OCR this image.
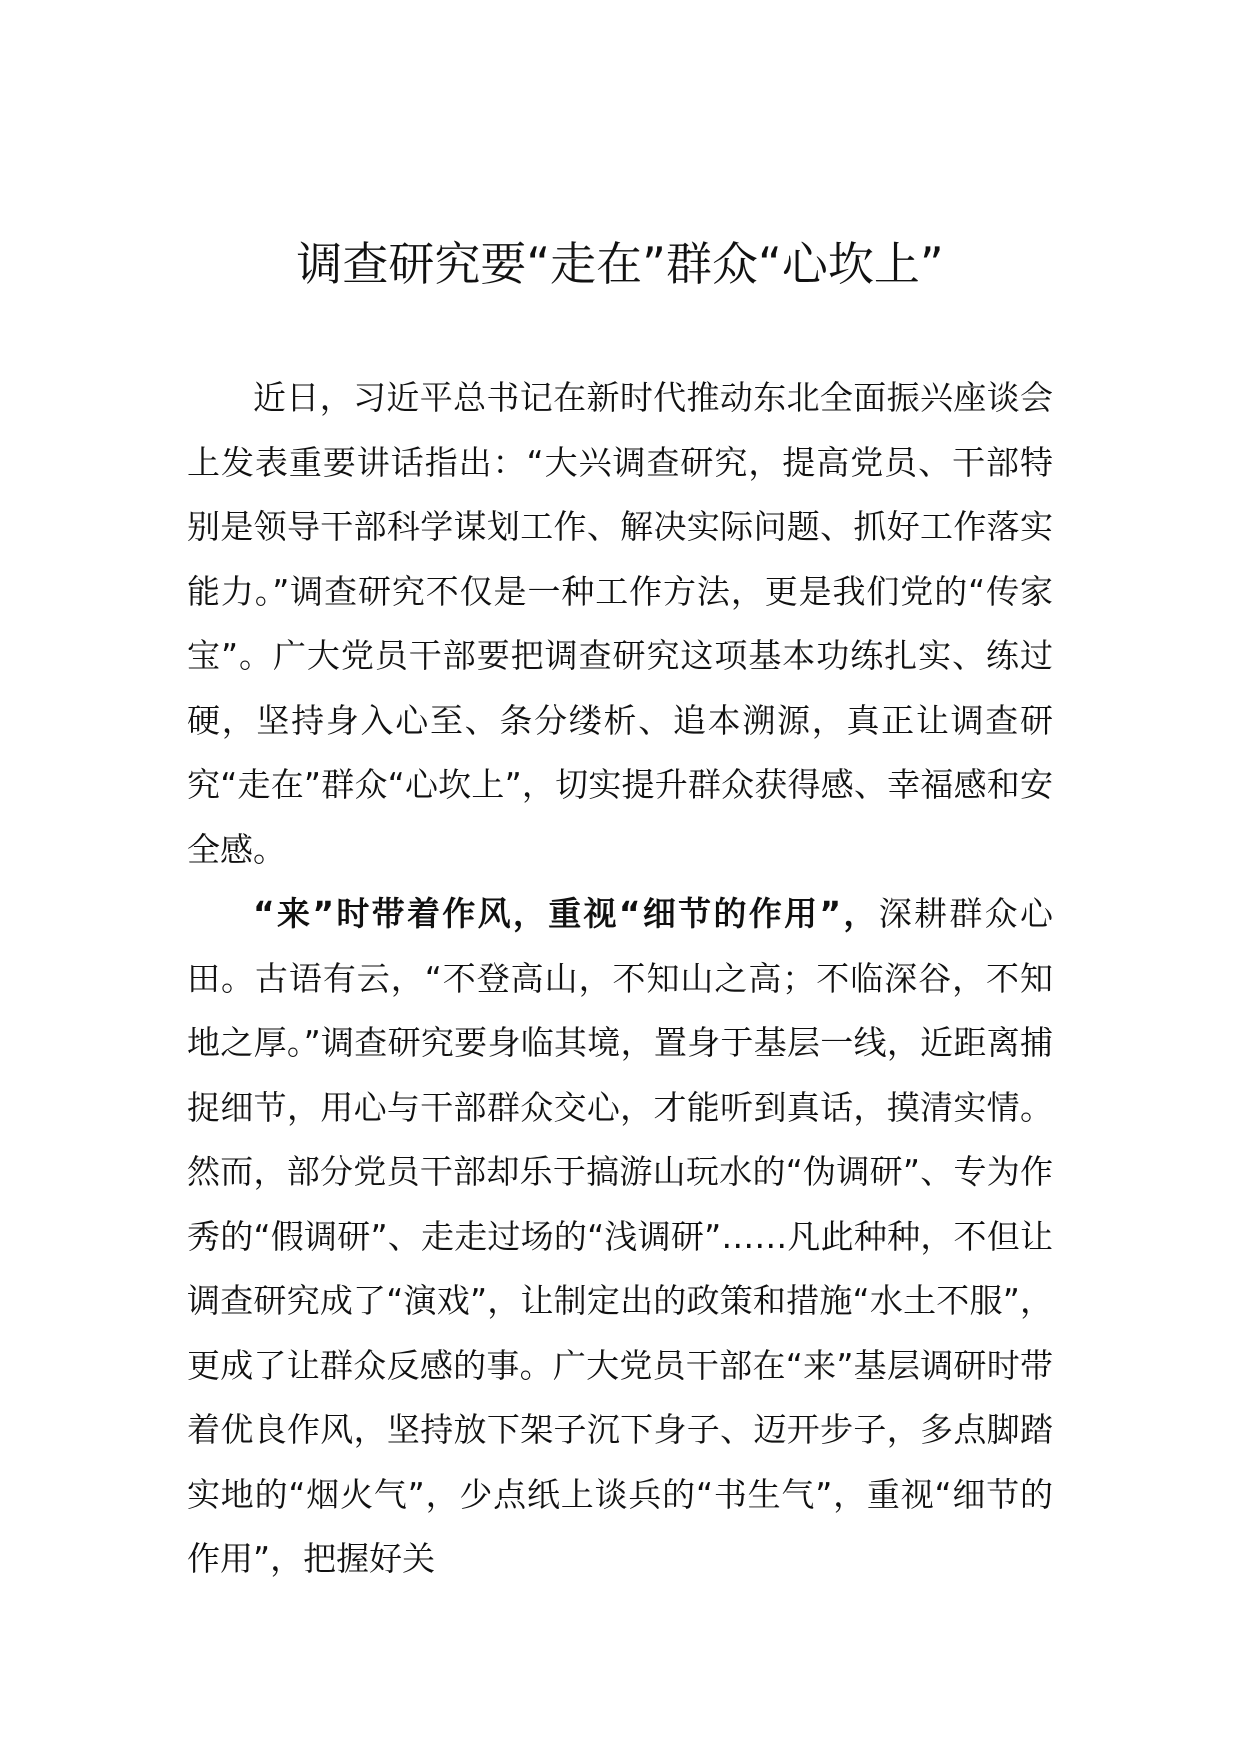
调查研究要“走在”群众“心坎上”

近日，习近平总书记在新时代推动东北全面振兴座谈会上发表重要讲话指出：“大兴调查研究，提高党员、干部特别是领导干部科学谋划工作、解决实际问题、抓好工作落实能力。”调查研究不仅是一种工作方法，更是我们党的“传家宝”。广大党员干部要把调查研究这项基本功练扎实、练过硬，坚持身入心至、条分缕析、追本溯源，真正让调查研究“走在”群众“心坎上”，切实提升群众获得感、幸福感和安全感。

“来”时带着作风，重视“细节的作用”，深耕群众心田。古语有云，“不登高山，不知山之高；不临深谷，不知地之厚。”调查研究要身临其境，置身于基层一线，近距离捕捉细节，用心与干部群众交心，才能听到真话，摸清实情。然而，部分党员干部却乐于搞游山玩水的“伪调研”、专为作秀的“假调研”、走走过场的“浅调研”……凡此种种，不但让调查研究成了“演戏”，让制定出的政策和措施“水土不服”，更成了让群众反感的事。广大党员干部在“来”基层调研时带着优良作风，坚持放下架子沉下身子、迈开步子，多点脚踏实地的“烟火气”，少点纸上谈兵的“书生气”，重视“细节的作用”，把握好关
